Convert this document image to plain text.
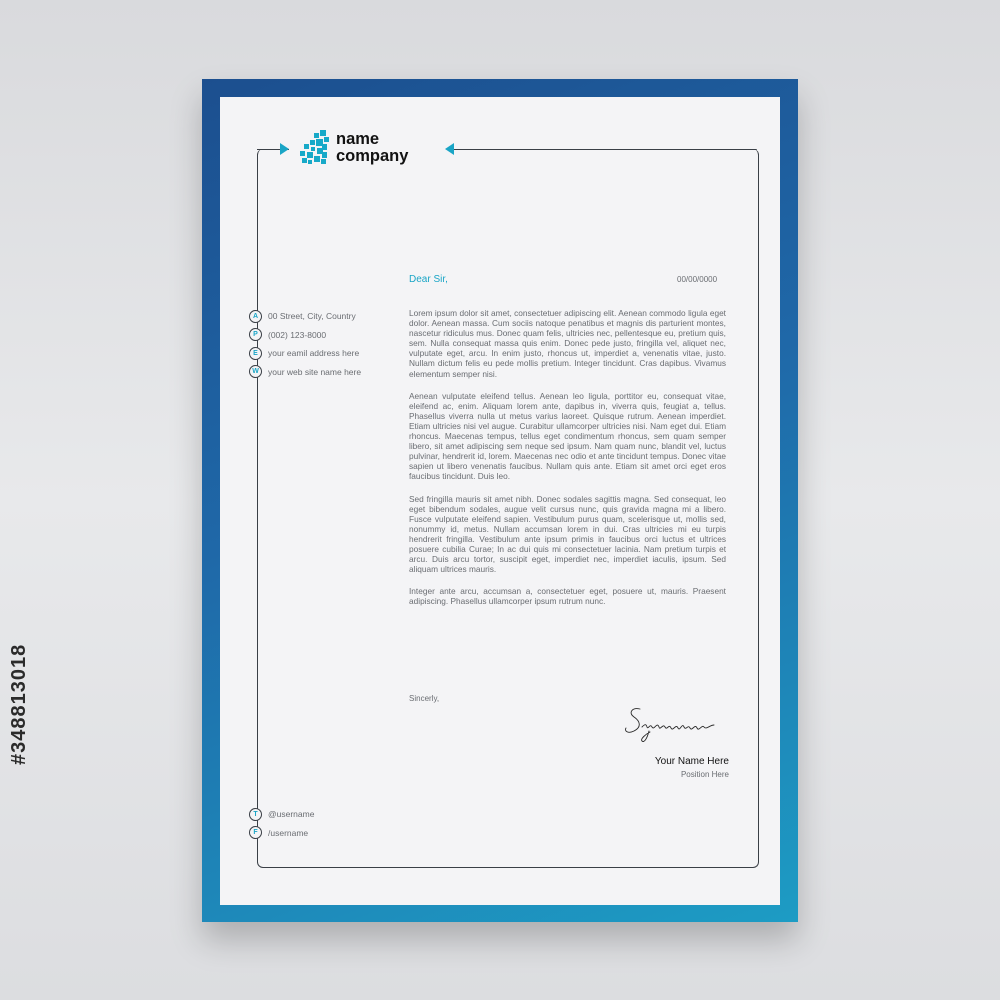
#348813018
name
company
A	00 Street, City, Country
P	(002) 123-8000
E	your eamil address here
W	your web site name here
T	@username
F	/username
Dear Sir,	00/00/0000

Lorem ipsum dolor sit amet, consectetuer adipiscing elit. Aenean commodo ligula eget dolor. Aenean massa. Cum sociis natoque penatibus et magnis dis parturient montes, nascetur ridiculus mus. Donec quam felis, ultricies nec, pellentesque eu, pretium quis, sem. Nulla consequat massa quis enim. Donec pede justo, fringilla vel, aliquet nec, vulputate eget, arcu. In enim justo, rhoncus ut, imperdiet a, venenatis vitae, justo. Nullam dictum felis eu pede mollis pretium. Integer tincidunt. Cras dapibus. Vivamus elementum semper nisi.

Aenean vulputate eleifend tellus. Aenean leo ligula, porttitor eu, consequat vitae, eleifend ac, enim. Aliquam lorem ante, dapibus in, viverra quis, feugiat a, tellus. Phasellus viverra nulla ut metus varius laoreet. Quisque rutrum. Aenean imperdiet. Etiam ultricies nisi vel augue. Curabitur ullamcorper ultricies nisi. Nam eget dui. Etiam rhoncus. Maecenas tempus, tellus eget condimentum rhoncus, sem quam semper libero, sit amet adipiscing sem neque sed ipsum. Nam quam nunc, blandit vel, luctus pulvinar, hendrerit id, lorem. Maecenas nec odio et ante tincidunt tempus. Donec vitae sapien ut libero venenatis faucibus. Nullam quis ante. Etiam sit amet orci eget eros faucibus tincidunt. Duis leo.

Sed fringilla mauris sit amet nibh. Donec sodales sagittis magna. Sed consequat, leo eget bibendum sodales, augue velit cursus nunc, quis gravida magna mi a libero. Fusce vulputate eleifend sapien. Vestibulum purus quam, scelerisque ut, mollis sed, nonummy id, metus. Nullam accumsan lorem in dui. Cras ultricies mi eu turpis hendrerit fringilla. Vestibulum ante ipsum primis in faucibus orci luctus et ultrices posuere cubilia Curae; In ac dui quis mi consectetuer lacinia. Nam pretium turpis et arcu. Duis arcu tortor, suscipit eget, imperdiet nec, imperdiet iaculis, ipsum. Sed aliquam ultrices mauris.

Integer ante arcu, accumsan a, consectetuer eget, posuere ut, mauris. Praesent adipiscing. Phasellus ullamcorper ipsum rutrum nunc.

Sincerly,
Your Name Here
Position Here
